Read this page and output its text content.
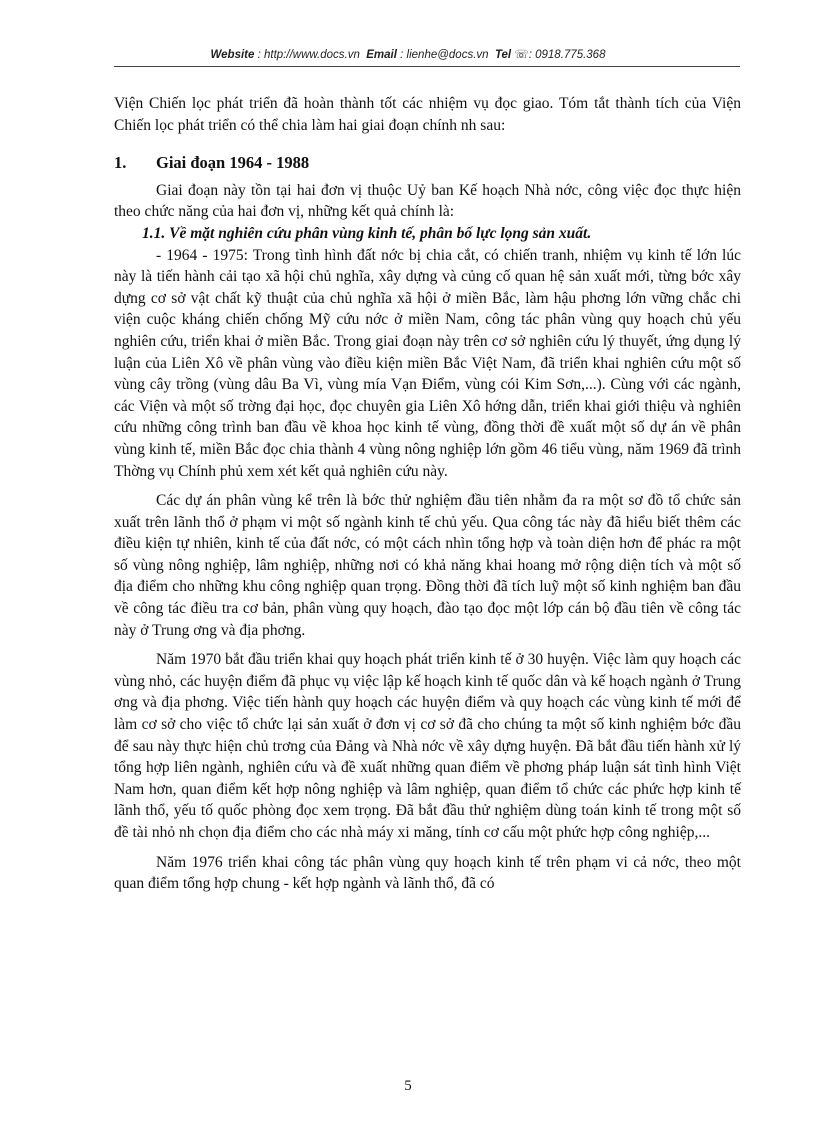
Website : http://www.docs.vn Email : lienhe@docs.vn Tel ☏: 0918.775.368

Viện Chiến lọc phát triển đã hoàn thành tốt các nhiệm vụ đọc giao. Tóm tắt thành tích của Viện Chiến lọc phát triển có thể chia làm hai giai đoạn chính nh sau:

1. Giai đoạn 1964 - 1988

Giai đoạn này tồn tại hai đơn vị thuộc Uỷ ban Kế hoạch Nhà nớc, công việc đọc thực hiện theo chức năng của hai đơn vị, những kết quả chính là:

1.1. Về mặt nghiên cứu phân vùng kinh tế, phân bố lực lọng sản xuất.

- 1964 - 1975: Trong tình hình đất nớc bị chia cắt, có chiến tranh, nhiệm vụ kinh tế lớn lúc này là tiến hành cải tạo xã hội chủ nghĩa, xây dựng và củng cố quan hệ sản xuất mới, từng bớc xây dựng cơ sở vật chất kỹ thuật của chủ nghĩa xã hội ở miền Bắc, làm hậu phơng lớn vững chắc chi viện cuộc kháng chiến chống Mỹ cứu nớc ở miền Nam, công tác phân vùng quy hoạch chủ yếu nghiên cứu, triển khai ở miền Bắc. Trong giai đoạn này trên cơ sở nghiên cứu lý thuyết, ứng dụng lý luận của Liên Xô về phân vùng vào điều kiện miền Bắc Việt Nam, đã triển khai nghiên cứu một số vùng cây trồng (vùng dâu Ba Vì, vùng mía Vạn Điểm, vùng cói Kim Sơn,...). Cùng với các ngành, các Viện và một số trờng đại học, đọc chuyên gia Liên Xô hớng dẫn, triển khai giới thiệu và nghiên cứu những công trình ban đầu về khoa học kinh tế vùng, đồng thời đề xuất một số dự án về phân vùng kinh tế, miền Bắc đọc chia thành 4 vùng nông nghiệp lớn gồm 46 tiểu vùng, năm 1969 đã trình Thờng vụ Chính phủ xem xét kết quả nghiên cứu này.

Các dự án phân vùng kể trên là bớc thử nghiệm đầu tiên nhằm đa ra một sơ đồ tổ chức sản xuất trên lãnh thổ ở phạm vi một số ngành kinh tế chủ yếu. Qua công tác này đã hiểu biết thêm các điều kiện tự nhiên, kinh tế của đất nớc, có một cách nhìn tổng hợp và toàn diện hơn để phác ra một số vùng nông nghiệp, lâm nghiệp, những nơi có khả năng khai hoang mở rộng diện tích và một số địa điểm cho những khu công nghiệp quan trọng. Đồng thời đã tích luỹ một số kinh nghiệm ban đầu về công tác điều tra cơ bản, phân vùng quy hoạch, đào tạo đọc một lớp cán bộ đầu tiên về công tác này ở Trung ơng và địa phơng.

Năm 1970 bắt đầu triển khai quy hoạch phát triển kinh tế ở 30 huyện. Việc làm quy hoạch các vùng nhỏ, các huyện điểm đã phục vụ việc lập kế hoạch kinh tế quốc dân và kế hoạch ngành ở Trung ơng và địa phơng. Việc tiến hành quy hoạch các huyện điểm và quy hoạch các vùng kinh tế mới để làm cơ sở cho việc tổ chức lại sản xuất ở đơn vị cơ sở đã cho chúng ta một số kinh nghiệm bớc đầu để sau này thực hiện chủ trơng của Đảng và Nhà nớc về xây dựng huyện. Đã bắt đầu tiến hành xử lý tổng hợp liên ngành, nghiên cứu và đề xuất những quan điểm về phơng pháp luận sát tình hình Việt Nam hơn, quan điểm kết hợp nông nghiệp và lâm nghiệp, quan điểm tổ chức các phức hợp kinh tế lãnh thổ, yếu tố quốc phòng đọc xem trọng. Đã bắt đầu thử nghiệm dùng toán kinh tế trong một số đề tài nhỏ nh chọn địa điểm cho các nhà máy xi măng, tính cơ cấu một phức hợp công nghiệp,...

Năm 1976 triển khai công tác phân vùng quy hoạch kinh tế trên phạm vi cả nớc, theo một quan điểm tổng hợp chung - kết hợp ngành và lãnh thổ, đã có

5
